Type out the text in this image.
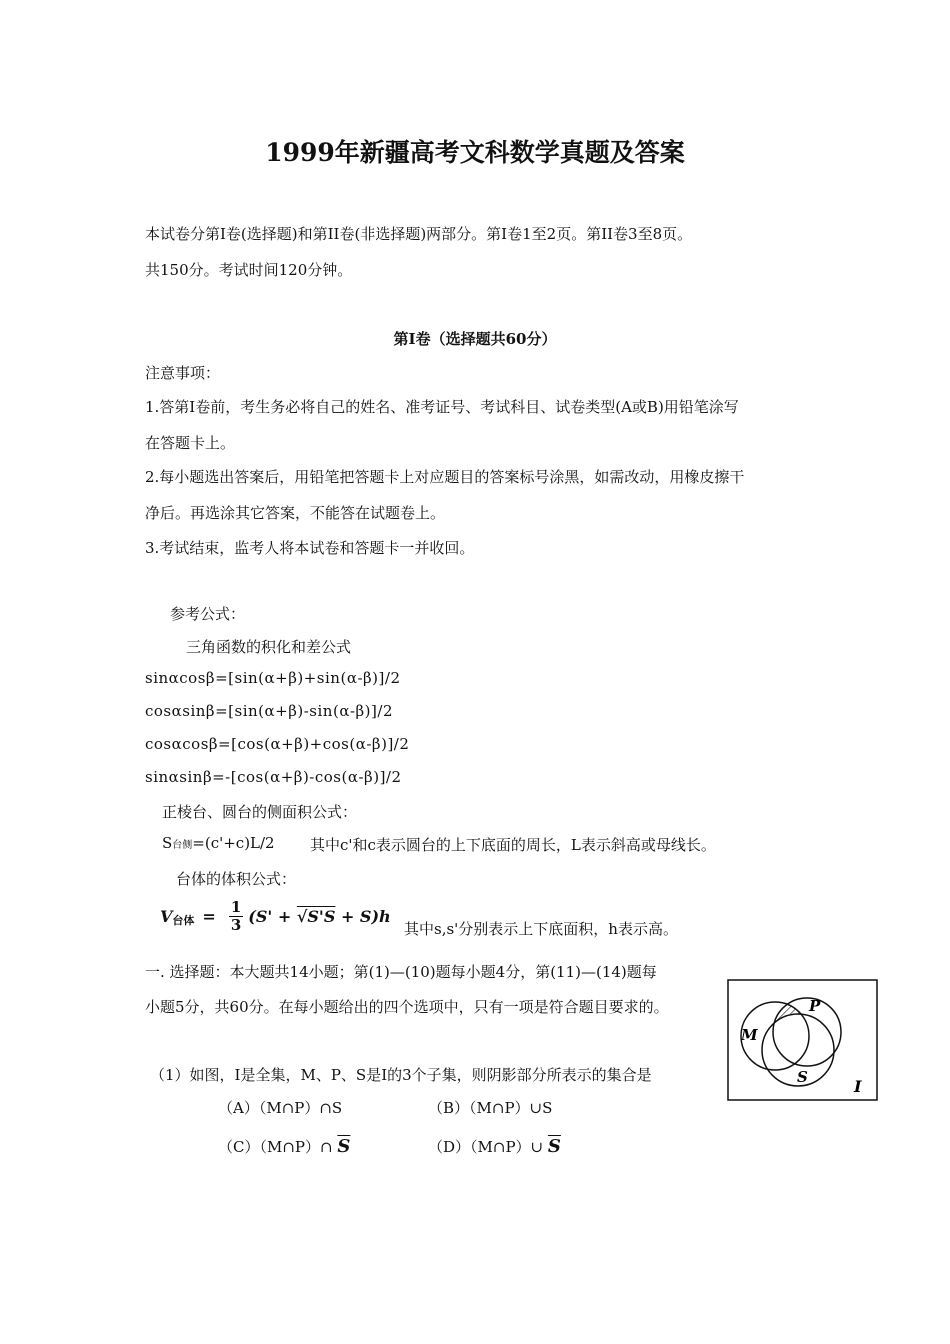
1999年新疆高考文科数学真题及答案
本试卷分第Ⅰ卷(选择题)和第II卷(非选择题)两部分。第Ⅰ卷1至2页。第II卷3至8页。
共150分。考试时间120分钟。
第Ⅰ卷（选择题共60分）
注意事项：
1.答第Ⅰ卷前，考生务必将自己的姓名、准考证号、考试科目、试卷类型(A或B)用铅笔涂写
在答题卡上。
2.每小题选出答案后，用铅笔把答题卡上对应题目的答案标号涂黑，如需改动，用橡皮擦干
净后。再选涂其它答案，不能答在试题卷上。
3.考试结束，监考人将本试卷和答题卡一并收回。
参考公式：
三角函数的积化和差公式
sinαcosβ=[sin(α+β)+sin(α-β)]/2
cosαsinβ=[sin(α+β)-sin(α-β)]/2
cosαcosβ=[cos(α+β)+cos(α-β)]/2
sinαsinβ=-[cos(α+β)-cos(α-β)]/2
正棱台、圆台的侧面积公式：
S台侧=(c'+c)L/2 其中c'和c表示圆台的上下底面的周长，L表示斜高或母线长。
台体的体积公式：
V 台体 = $\frac{1}{3} (S' + √S'S + S)h$
其中s,s'分别表示上下底面积，h表示高。
一. 选择题：本大题共14小题；第(1)—(10)题每小题4分，第(11)—(14)题每
小题5分，共60分。在每小题给出的四个选项中，只有一项是符合题目要求的。
（1）如图，I是全集，M、P、S是I的3个子集，则阴影部分所表示的集合是
（A）（M∩P）∩S	（B）（M∩P）∪S
（C）（M∩P）∩ $\overline{S}$	（D）（M∩P）∪ $\overline{S}$
M
P
S	I
